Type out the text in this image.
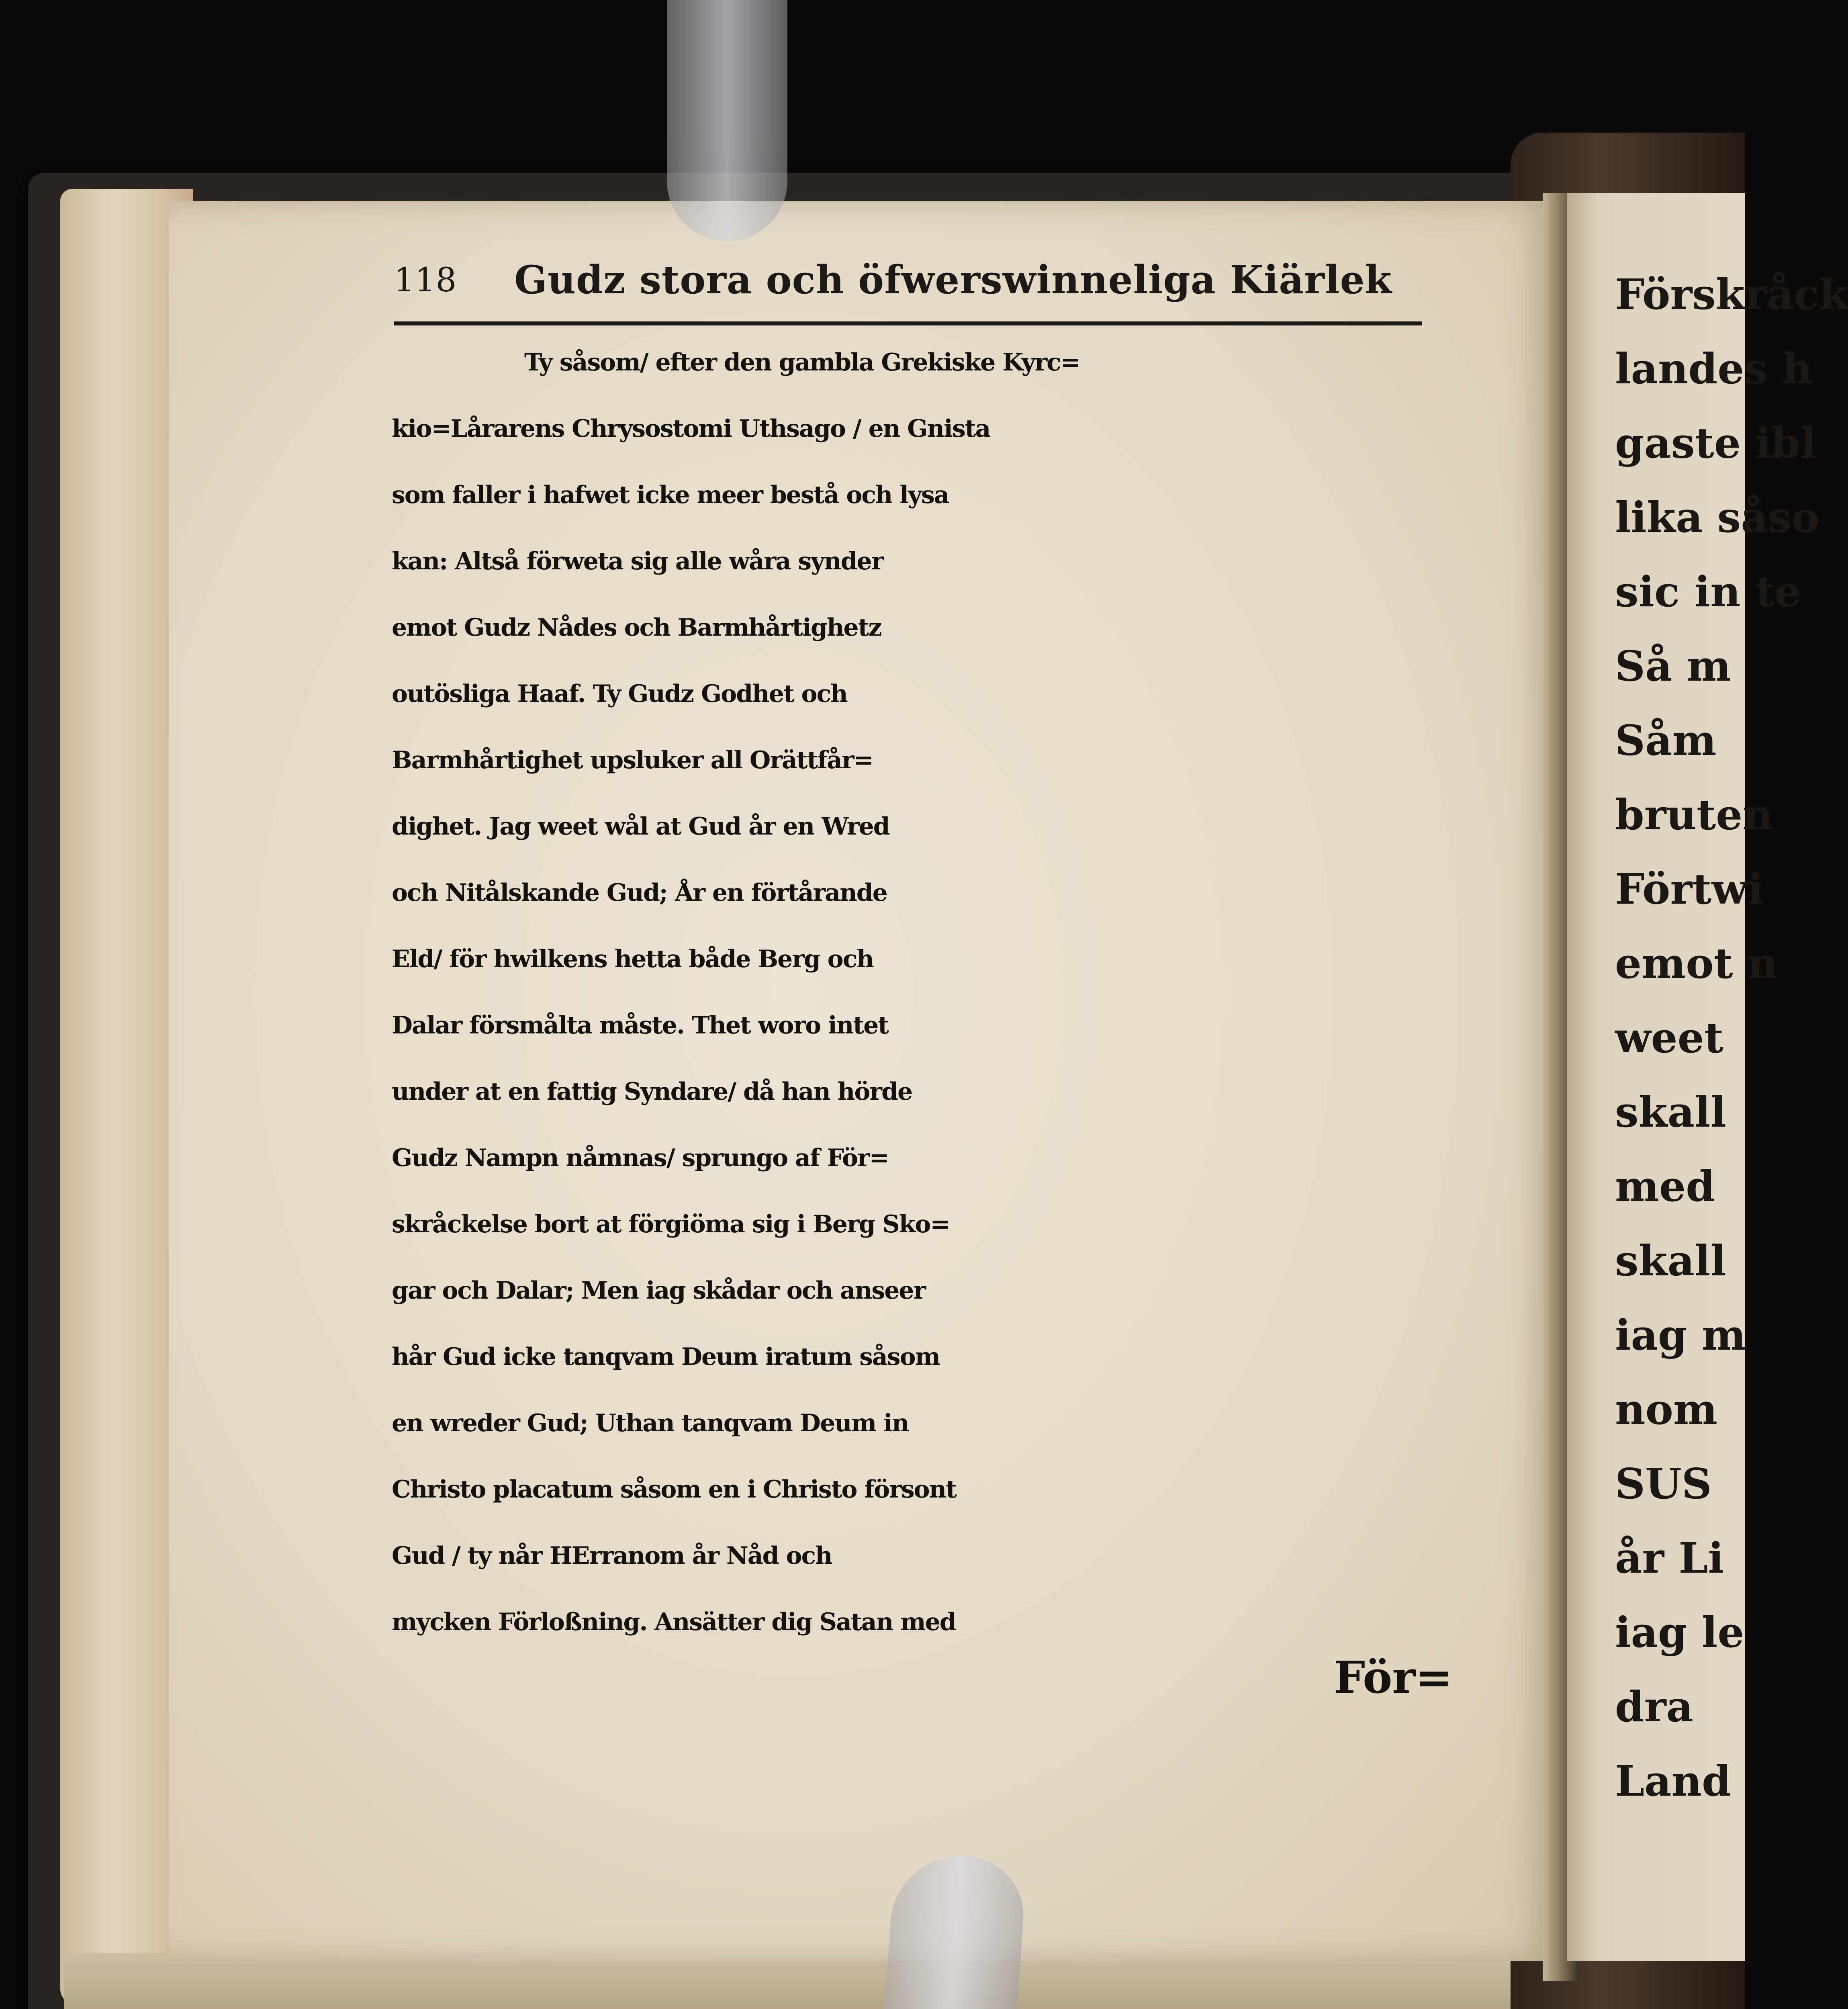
118 Gudz stora och öfwerswinneliga Kiärlek
Ty såsom/ efter den gambla Grekiske Kyrc=
kio=Lårarens Chrysostomi Uthsago / en Gnista
som faller i hafwet icke meer bestå och lysa
kan: Altså förweta sig alle wåra synder
emot Gudz Nådes och Barmhårtighetz
outösliga Haaf. Ty Gudz Godhet och
Barmhårtighet upsluker all Orättfår=
dighet. Jag weet wål at Gud år en Wred
och Nitålskande Gud; År en förtårande
Eld/ för hwilkens hetta både Berg och
Dalar försmålta måste. Thet woro intet
under at en fattig Syndare/ då han hörde
Gudz Nampn nåmnas/ sprungo af För=
skråckelse bort at förgiöma sig i Berg Sko=
gar och Dalar; Men iag skådar och anseer
hår Gud icke tanqvam Deum iratum såsom
en wreder Gud; Uthan tanqvam Deum in
Christo placatum såsom en i Christo försont
Gud / ty når HErranom år Nåd och
mycken Förloßning. Ansätter dig Satan med
För=
Förskråck
landes h
gaste ibl
lika såso
sic in te
Så m
Såm
bruten
Förtwi
emot n
weet
skall
med
skall
iag m
nom
SUS
år Li
iag le
dra
Land
